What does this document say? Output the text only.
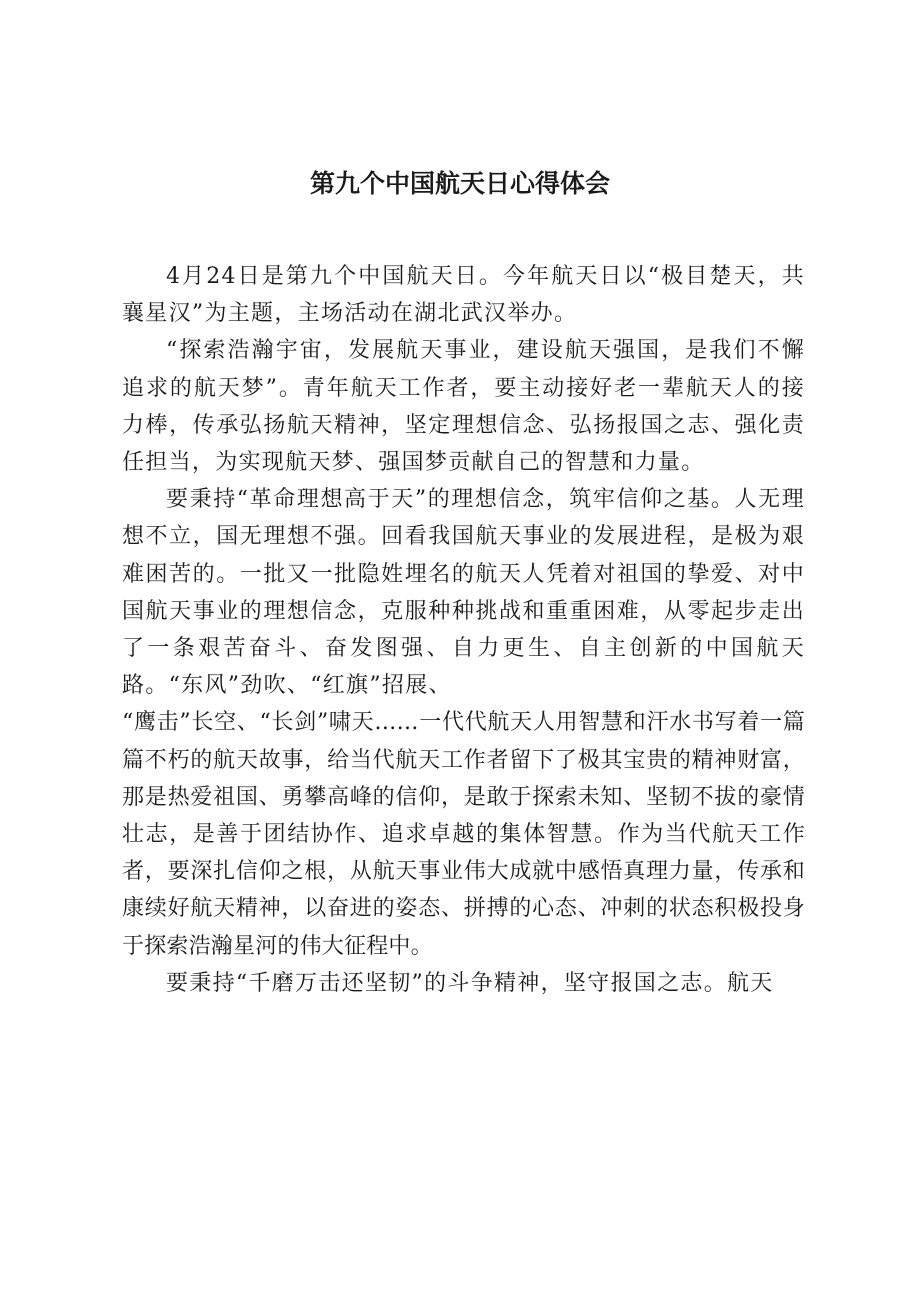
第九个中国航天日心得体会

4月24日是第九个中国航天日。今年航天日以“极目楚天，共襄星汉”为主题，主场活动在湖北武汉举办。

“探索浩瀚宇宙，发展航天事业，建设航天强国，是我们不懈追求的航天梦”。青年航天工作者，要主动接好老一辈航天人的接力棒，传承弘扬航天精神，坚定理想信念、弘扬报国之志、强化责任担当，为实现航天梦、强国梦贡献自己的智慧和力量。

要秉持“革命理想高于天”的理想信念，筑牢信仰之基。人无理想不立，国无理想不强。回看我国航天事业的发展进程，是极为艰难困苦的。一批又一批隐姓埋名的航天人凭着对祖国的挚爱、对中国航天事业的理想信念，克服种种挑战和重重困难，从零起步走出了一条艰苦奋斗、奋发图强、自力更生、自主创新的中国航天路。“东风”劲吹、“红旗”招展、

“鹰击”长空、“长剑”啸天……一代代航天人用智慧和汗水书写着一篇篇不朽的航天故事，给当代航天工作者留下了极其宝贵的精神财富，那是热爱祖国、勇攀高峰的信仰，是敢于探索未知、坚韧不拔的豪情壮志，是善于团结协作、追求卓越的集体智慧。作为当代航天工作者，要深扎信仰之根，从航天事业伟大成就中感悟真理力量，传承和康续好航天精神，以奋进的姿态、拼搏的心态、冲刺的状态积极投身于探索浩瀚星河的伟大征程中。

要秉持“千磨万击还坚韧”的斗争精神，坚守报国之志。航天
